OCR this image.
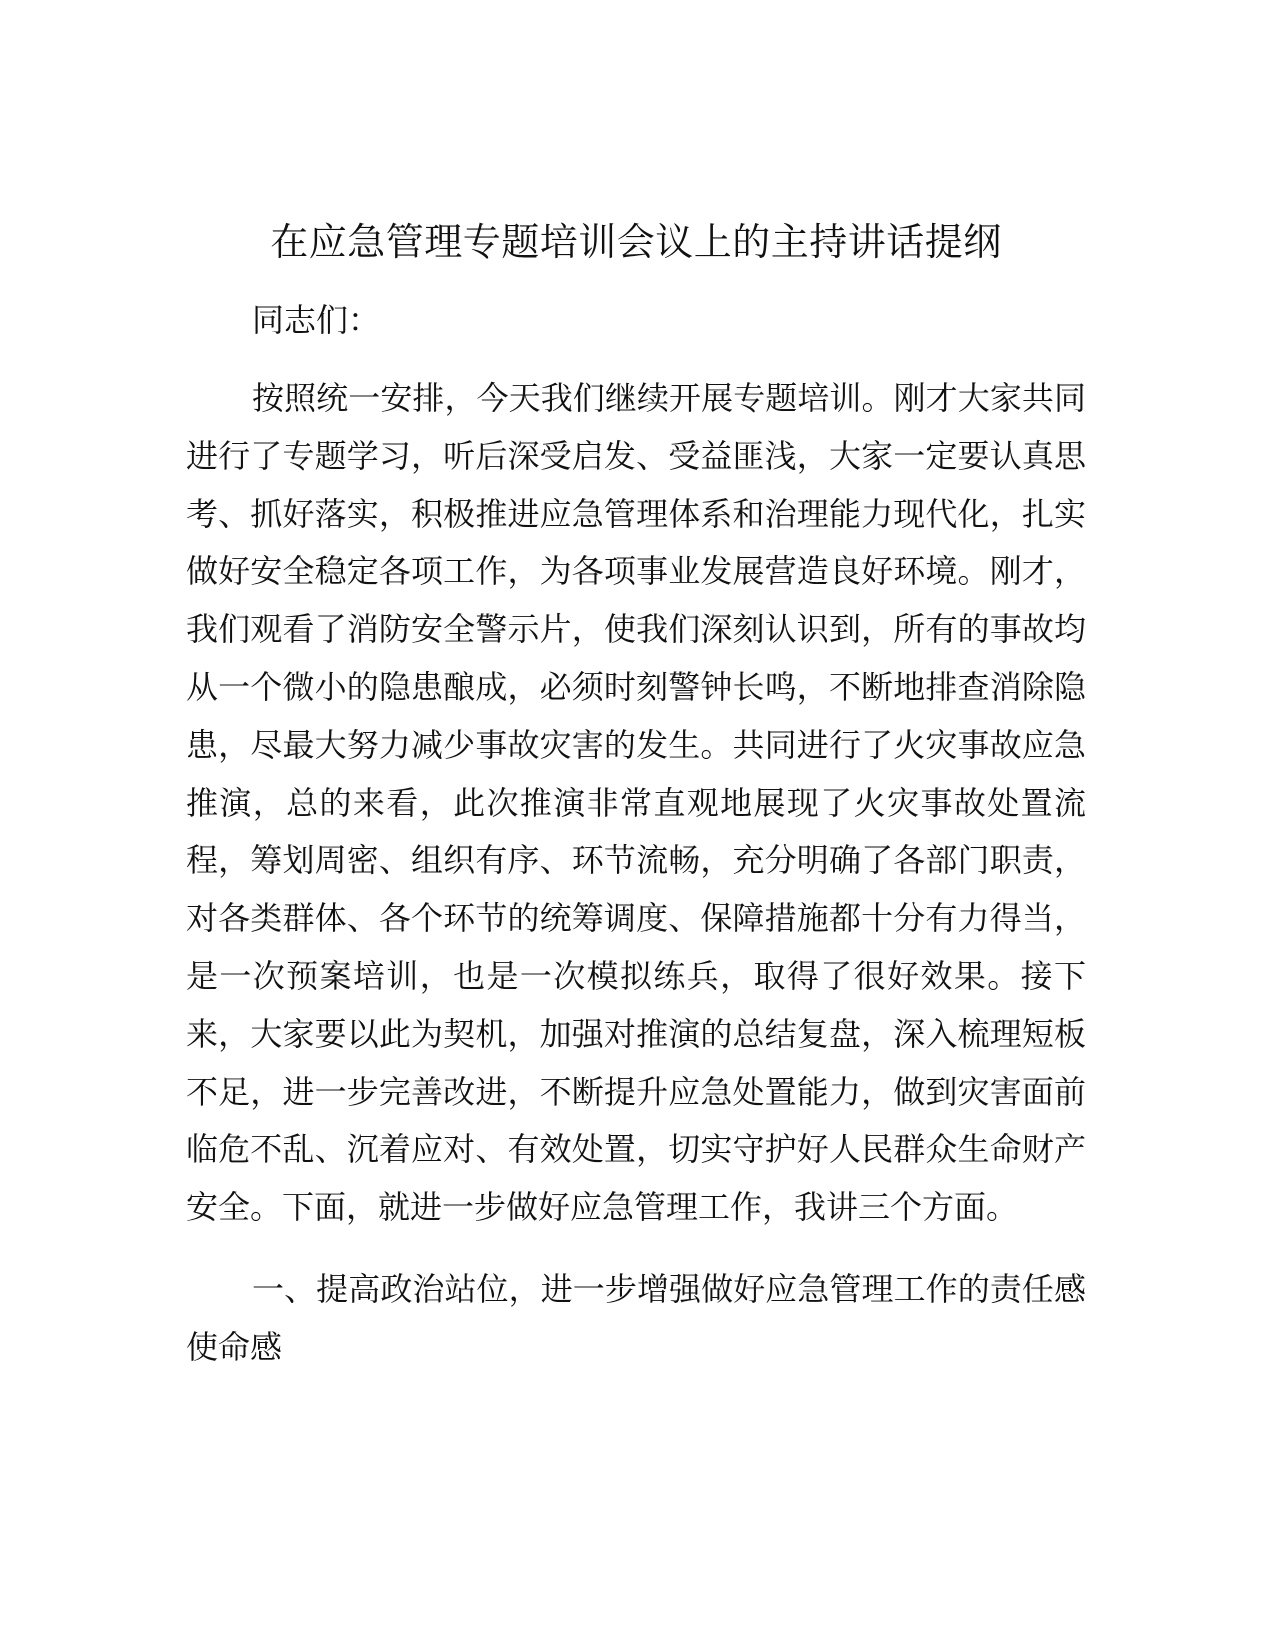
在应急管理专题培训会议上的主持讲话提纲

同志们：

按照统一安排，今天我们继续开展专题培训。刚才大家共同进行了专题学习，听后深受启发、受益匪浅，大家一定要认真思考、抓好落实，积极推进应急管理体系和治理能力现代化，扎实做好安全稳定各项工作，为各项事业发展营造良好环境。刚才，我们观看了消防安全警示片，使我们深刻认识到，所有的事故均从一个微小的隐患酿成，必须时刻警钟长鸣，不断地排查消除隐患，尽最大努力减少事故灾害的发生。共同进行了火灾事故应急推演，总的来看，此次推演非常直观地展现了火灾事故处置流程，筹划周密、组织有序、环节流畅，充分明确了各部门职责，对各类群体、各个环节的统筹调度、保障措施都十分有力得当，是一次预案培训，也是一次模拟练兵，取得了很好效果。接下来，大家要以此为契机，加强对推演的总结复盘，深入梳理短板不足，进一步完善改进，不断提升应急处置能力，做到灾害面前临危不乱、沉着应对、有效处置，切实守护好人民群众生命财产安全。下面，就进一步做好应急管理工作，我讲三个方面。

一、提高政治站位，进一步增强做好应急管理工作的责任感使命感
